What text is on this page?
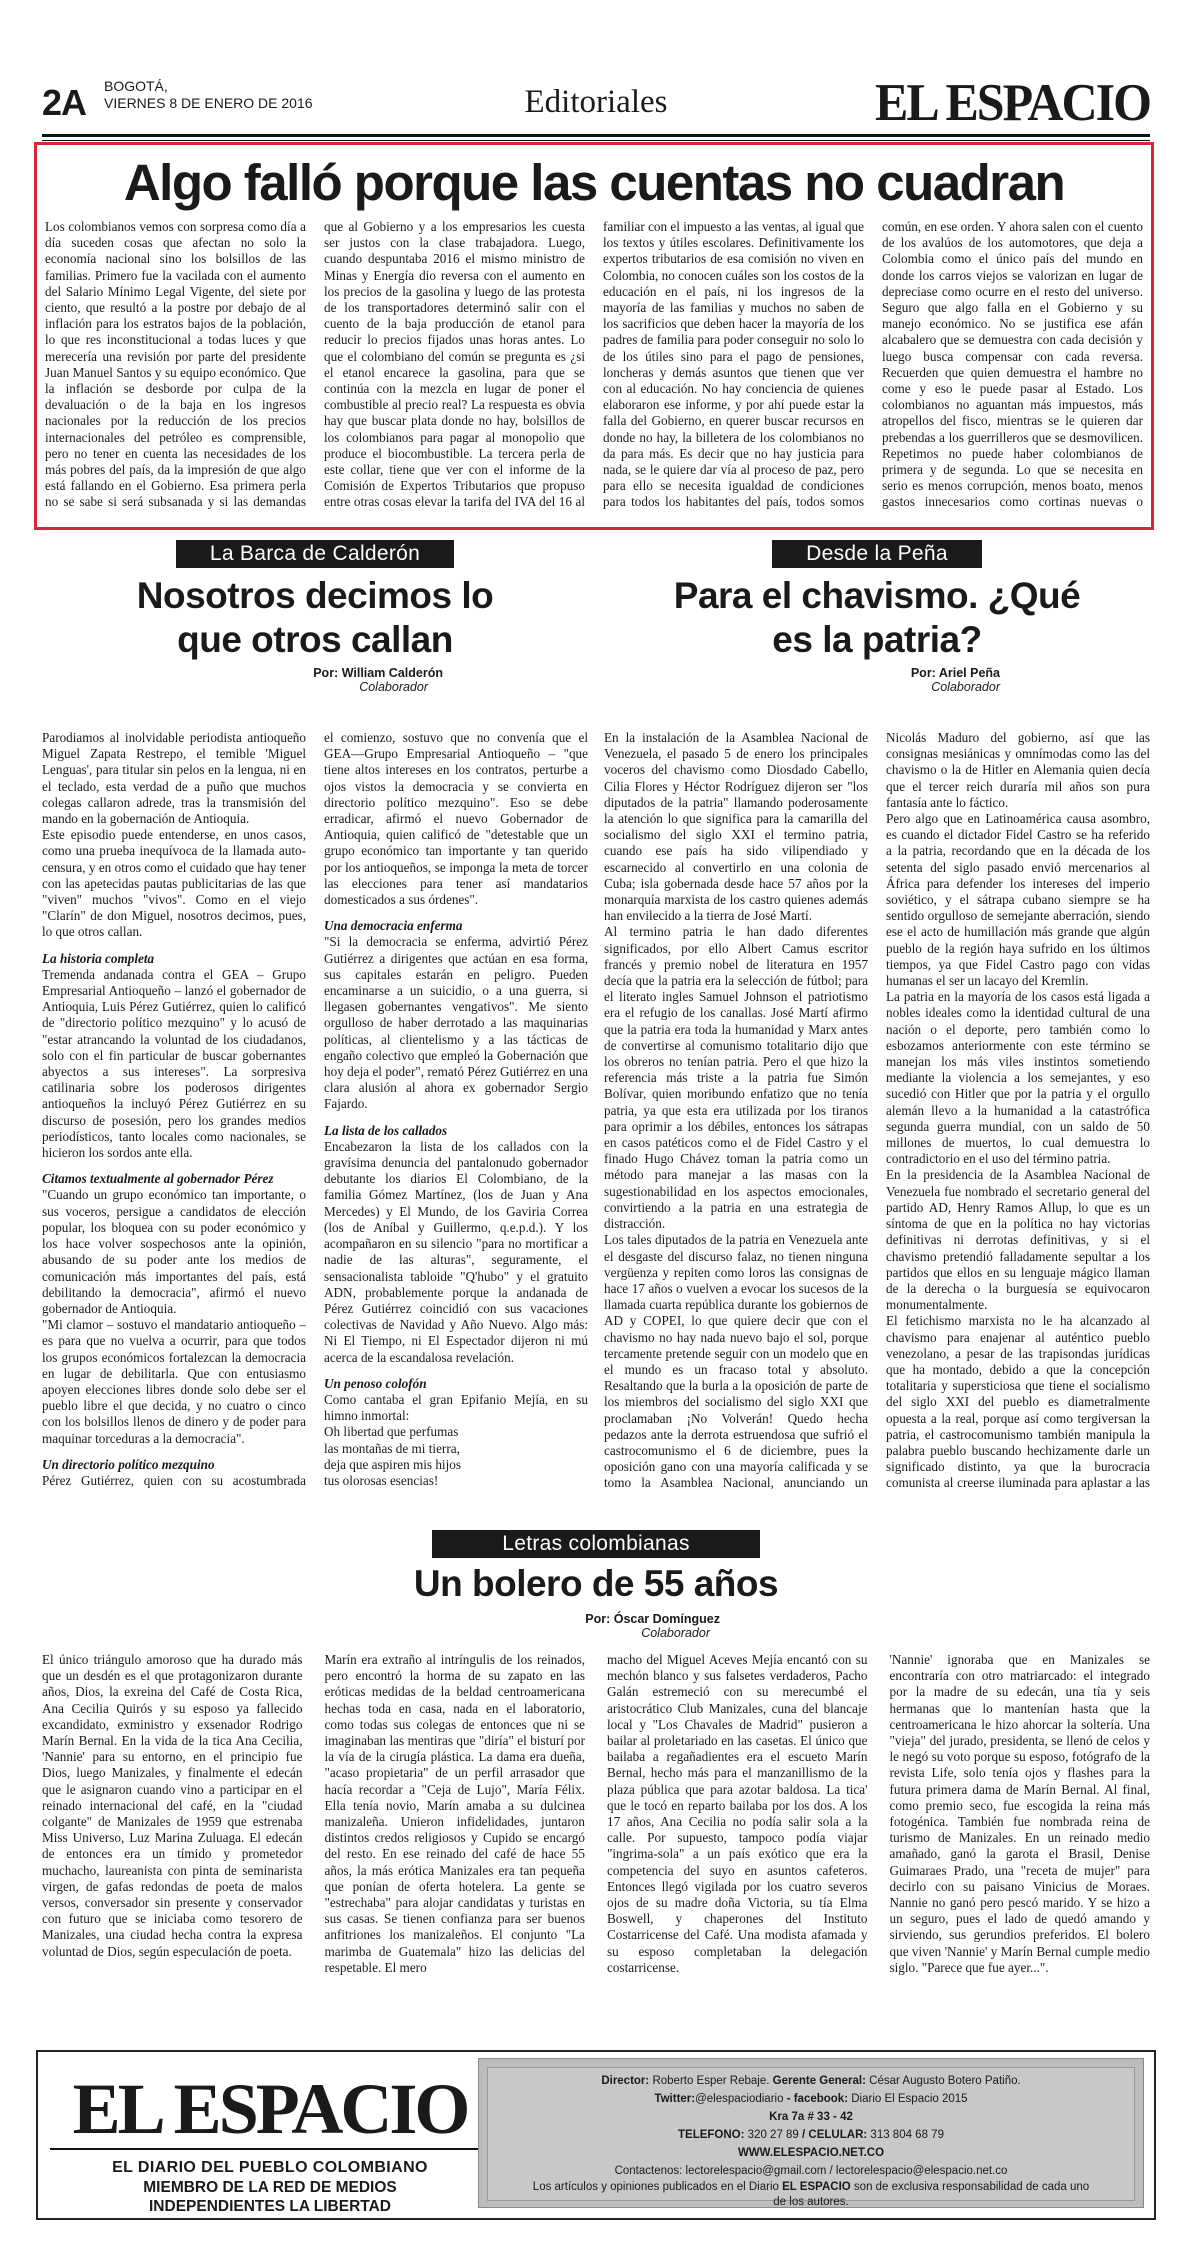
2A BOGOTÁ,
VIERNES 8 DE ENERO DE 2016	Editoriales	EL ESPACIO
Algo falló porque las cuentas no cuadran
Los colombianos vemos con sorpresa como día a día suceden cosas que afectan no solo la economía nacional sino los bolsillos de las familias. Primero fue la vacilada con el aumento del Salario Mínimo Legal Vigente, del siete por ciento, que resultó a la postre por debajo de al inflación para los estratos bajos de la población, lo que res inconstitucional a todas luces y que merecería una revisión por parte del presidente Juan Manuel Santos y su equipo económico. Que la inflación se desborde por culpa de la devaluación o de la baja en los ingresos nacionales por la reducción de los precios internacionales del petróleo es comprensible, pero no tener en cuenta las necesidades de los más pobres del país, da la impresión de que algo está fallando en el Gobierno. Esa primera perla no se sabe si será subsanada y si las demandas
que al Gobierno y a los empresarios les cuesta ser justos con la clase trabajadora. Luego, cuando despuntaba 2016 el mismo ministro de Minas y Energía dio reversa con el aumento en los precios de la gasolina y luego de las protesta de los transportadores determinó salir con el cuento de la baja producción de etanol para reducir lo precios fijados unas horas antes. Lo que el colombiano del común se pregunta es ¿si el etanol encarece la gasolina, para que se continúa con la mezcla en lugar de poner el combustible al precio real? La respuesta es obvia hay que buscar plata donde no hay, bolsillos de los colombianos para pagar al monopolio que produce el biocombustible. La tercera perla de este collar, tiene que ver con el informe de la Comisión de Expertos Tributarios que propuso entre otras cosas elevar la tarifa del IVA del 16 al
familiar con el impuesto a las ventas, al igual que los textos y útiles escolares. Definitivamente los expertos tributarios de esa comisión no viven en Colombia, no conocen cuáles son los costos de la educación en el país, ni los ingresos de la mayoría de las familias y muchos no saben de los sacrificios que deben hacer la mayoría de los padres de familia para poder conseguir no solo lo de los útiles sino para el pago de pensiones, loncheras y demás asuntos que tienen que ver con al educación. No hay conciencia de quienes elaboraron ese informe, y por ahí puede estar la falla del Gobierno, en querer buscar recursos en donde no hay, la billetera de los colombianos no da para más. Es decir que no hay justicia para nada, se le quiere dar vía al proceso de paz, pero para ello se necesita igualdad de condiciones para todos los habitantes del país, todos somos
común, en ese orden. Y ahora salen con el cuento de los avalúos de los automotores, que deja a Colombia como el único país del mundo en donde los carros viejos se valorizan en lugar de depreciase como ocurre en el resto del universo. Seguro que algo falla en el Gobierno y su manejo económico. No se justifica ese afán alcabalero que se demuestra con cada decisión y luego busca compensar con cada reversa. Recuerden que quien demuestra el hambre no come y eso le puede pasar al Estado. Los colombianos no aguantan más impuestos, más atropellos del fisco, mientras se le quieren dar prebendas a los guerrilleros que se desmovilicen. Repetimos no puede haber colombianos de primera y de segunda. Lo que se necesita en serio es menos corrupción, menos boato, menos gastos innecesarios como cortinas nuevas o
La Barca de Calderón
Nosotros decimos lo que otros callan
Por: William Calderón
Colaborador

Parodiamos al inolvidable periodista antioqueño Miguel Zapata Restrepo, el temible 'Miguel Lenguas', para titular sin pelos en la lengua, ni en el teclado, esta verdad de a puño que muchos colegas callaron adrede, tras la transmisión del mando en la gobernación de Antioquia.

Este episodio puede entenderse, en unos casos, como una prueba inequívoca de la llamada auto-censura, y en otros como el cuidado que hay tener con las apetecidas pautas publicitarias de las que "viven" muchos "vivos". Como en el viejo "Clarín" de don Miguel, nosotros decimos, pues, lo que otros callan.

La historia completa

Tremenda andanada contra el GEA – Grupo Empresarial Antioqueño – lanzó el gobernador de Antioquia, Luis Pérez Gutiérrez, quien lo calificó de "directorio político mezquino" y lo acusó de "estar atrancando la voluntad de los ciudadanos, solo con el fin particular de buscar gobernantes abyectos a sus intereses". La sorpresiva catilinaria sobre los poderosos dirigentes antioqueños la incluyó Pérez Gutiérrez en su discurso de posesión, pero los grandes medios periodísticos, tanto locales como nacionales, se hicieron los sordos ante ella.

Citamos textualmente al gobernador Pérez

"Cuando un grupo económico tan importante, o sus voceros, persigue a candidatos de elección popular, los bloquea con su poder económico y los hace volver sospechosos ante la opinión, abusando de su poder ante los medios de comunicación más importantes del país, está debilitando la democracia", afirmó el nuevo gobernador de Antioquia.

"Mi clamor – sostuvo el mandatario antioqueño – es para que no vuelva a ocurrir, para que todos los grupos económicos fortalezcan la democracia en lugar de debilitarla. Que con entusiasmo apoyen elecciones libres donde solo debe ser el pueblo libre el que decida, y no cuatro o cinco con los bolsillos llenos de dinero y de poder para maquinar torceduras a la democracia".

Un directorio político mezquino

Pérez Gutiérrez, quien con su acostumbrada

el comienzo, sostuvo que no convenía que el GEA—Grupo Empresarial Antioqueño – "que tiene altos intereses en los contratos, perturbe a ojos vistos la democracia y se convierta en directorio político mezquino". Eso se debe erradicar, afirmó el nuevo Gobernador de Antioquia, quien calificó de "detestable que un grupo económico tan importante y tan querido por los antioqueños, se imponga la meta de torcer las elecciones para tener así mandatarios domesticados a sus órdenes".

Una democracia enferma

"Si la democracia se enferma, advirtió Pérez Gutiérrez a dirigentes que actúan en esa forma, sus capitales estarán en peligro. Pueden encaminarse a un suicidio, o a una guerra, si llegasen gobernantes vengativos". Me siento orgulloso de haber derrotado a las maquinarias políticas, al clientelismo y a las tácticas de engaño colectivo que empleó la Gobernación que hoy deja el poder", remató Pérez Gutiérrez en una clara alusión al ahora ex gobernador Sergio Fajardo.

La lista de los callados

Encabezaron la lista de los callados con la gravísima denuncia del pantalonudo gobernador debutante los diarios El Colombiano, de la familia Gómez Martínez, (los de Juan y Ana Mercedes) y El Mundo, de los Gaviria Correa (los de Aníbal y Guillermo, q.e.p.d.). Y los acompañaron en su silencio "para no mortificar a nadie de las alturas", seguramente, el sensacionalista tabloide "Q'hubo" y el gratuito ADN, probablemente porque la andanada de Pérez Gutiérrez coincidió con sus vacaciones colectivas de Navidad y Año Nuevo. Algo más: Ni El Tiempo, ni El Espectador dijeron ni mú acerca de la escandalosa revelación.

Un penoso colofón

Como cantaba el gran Epifanio Mejía, en su himno inmortal:

Oh libertad que perfumas

las montañas de mi tierra,

deja que aspiren mis hijos

tus olorosas esencias!

Desde la Peña
Para el chavismo. ¿Qué es la patria?
Por: Ariel Peña
Colaborador

En la instalación de la Asamblea Nacional de Venezuela, el pasado 5 de enero los principales voceros del chavismo como Diosdado Cabello, Cilia Flores y Héctor Rodríguez dijeron ser "los diputados de la patria" llamando poderosamente la atención lo que significa para la camarilla del socialismo del siglo XXI el termino patria, cuando ese país ha sido vilipendiado y escarnecido al convertirlo en una colonia de Cuba; isla gobernada desde hace 57 años por la monarquía marxista de los castro quienes además han envilecido a la tierra de José Martí.

Al termino patria le han dado diferentes significados, por ello Albert Camus escritor francés y premio nobel de literatura en 1957 decía que la patria era la selección de fútbol; para el literato ingles Samuel Johnson el patriotismo era el refugio de los canallas. José Martí afirmo que la patria era toda la humanidad y Marx antes de convertirse al comunismo totalitario dijo que los obreros no tenían patria. Pero el que hizo la referencia más triste a la patria fue Simón Bolívar, quien moribundo enfatizo que no tenía patria, ya que esta era utilizada por los tiranos para oprimir a los débiles, entonces los sátrapas en casos patéticos como el de Fidel Castro y el finado Hugo Chávez toman la patria como un método para manejar a las masas con la sugestionabilidad en los aspectos emocionales, convirtiendo a la patria en una estrategia de distracción.

Los tales diputados de la patria en Venezuela ante el desgaste del discurso falaz, no tienen ninguna vergüenza y repiten como loros las consignas de hace 17 años o vuelven a evocar los sucesos de la llamada cuarta república durante los gobiernos de AD y COPEI, lo que quiere decir que con el chavismo no hay nada nuevo bajo el sol, porque tercamente pretende seguir con un modelo que en el mundo es un fracaso total y absoluto. Resaltando que la burla a la oposición de parte de los miembros del socialismo del siglo XXI que proclamaban ¡No Volverán! Quedo hecha pedazos ante la derrota estruendosa que sufrió el castrocomunismo el 6 de diciembre, pues la oposición gano con una mayoría calificada y se tomo la Asamblea Nacional, anunciando un

Nicolás Maduro del gobierno, así que las consignas mesiánicas y omnímodas como las del chavismo o la de Hitler en Alemania quien decía que el tercer reich duraría mil años son pura fantasía ante lo fáctico.

Pero algo que en Latinoamérica causa asombro, es cuando el dictador Fidel Castro se ha referido a la patria, recordando que en la década de los setenta del siglo pasado envió mercenarios al África para defender los intereses del imperio soviético, y el sátrapa cubano siempre se ha sentido orgulloso de semejante aberración, siendo ese el acto de humillación más grande que algún pueblo de la región haya sufrido en los últimos tiempos, ya que Fidel Castro pago con vidas humanas el ser un lacayo del Kremlin.

La patria en la mayoría de los casos está ligada a nobles ideales como la identidad cultural de una nación o el deporte, pero también como lo esbozamos anteriormente con este término se manejan los más viles instintos sometiendo mediante la violencia a los semejantes, y eso sucedió con Hitler que por la patria y el orgullo alemán llevo a la humanidad a la catastrófica segunda guerra mundial, con un saldo de 50 millones de muertos, lo cual demuestra lo contradictorio en el uso del término patria.

En la presidencia de la Asamblea Nacional de Venezuela fue nombrado el secretario general del partido AD, Henry Ramos Allup, lo que es un síntoma de que en la política no hay victorias definitivas ni derrotas definitivas, y si el chavismo pretendió falladamente sepultar a los partidos que ellos en su lenguaje mágico llaman de la derecha o la burguesía se equivocaron monumentalmente.

El fetichismo marxista no le ha alcanzado al chavismo para enajenar al auténtico pueblo venezolano, a pesar de las trapisondas jurídicas que ha montado, debido a que la concepción totalitaria y supersticiosa que tiene el socialismo del siglo XXI del pueblo es diametralmente opuesta a la real, porque así como tergiversan la patria, el castrocomunismo también manipula la palabra pueblo buscando hechizamente darle un significado distinto, ya que la burocracia comunista al creerse iluminada para aplastar a las

Letras colombianas
Un bolero de 55 años
Por: Óscar Domínguez
Colaborador
El único triángulo amoroso que ha durado más que un desdén es el que protagonizaron durante años, Dios, la exreina del Café de Costa Rica, Ana Cecilia Quirós y su esposo ya fallecido excandidato, exministro y exsenador Rodrigo Marín Bernal. En la vida de la tica Ana Cecilia, 'Nannie' para su entorno, en el principio fue Dios, luego Manizales, y finalmente el edecán que le asignaron cuando vino a participar en el reinado internacional del café, en la "ciudad colgante" de Manizales de 1959 que estrenaba Miss Universo, Luz Marina Zuluaga. El edecán de entonces era un tímido y prometedor muchacho, laureanista con pinta de seminarista virgen, de gafas redondas de poeta de malos versos, conversador sin presente y conservador con futuro que se iniciaba como tesorero de Manizales, una ciudad hecha contra la expresa voluntad de Dios, según especulación de poeta.
Marín era extraño al intríngulis de los reinados, pero encontró la horma de su zapato en las eróticas medidas de la beldad centroamericana hechas toda en casa, nada en el laboratorio, como todas sus colegas de entonces que ni se imaginaban las mentiras que "diría" el bisturí por la vía de la cirugía plástica. La dama era dueña, "acaso propietaria" de un perfil arrasador que hacía recordar a "Ceja de Lujo", María Félix. Ella tenía novio, Marín amaba a su dulcinea manizaleña. Unieron infidelidades, juntaron distintos credos religiosos y Cupido se encargó del resto. En ese reinado del café de hace 55 años, la más erótica Manizales era tan pequeña que ponían de oferta hotelera. La gente se "estrechaba" para alojar candidatas y turistas en sus casas. Se tienen confianza para ser buenos anfitriones los manizaleños. El conjunto "La marimba de Guatemala" hizo las delicias del respetable. El mero
macho del Miguel Aceves Mejía encantó con su mechón blanco y sus falsetes verdaderos, Pacho Galán estremeció con su merecumbé el aristocrático Club Manizales, cuna del blancaje local y "Los Chavales de Madrid" pusieron a bailar al proletariado en las casetas. El único que bailaba a regañadientes era el escueto Marín Bernal, hecho más para el manzanillismo de la plaza pública que para azotar baldosa. La tica' que le tocó en reparto bailaba por los dos. A los 17 años, Ana Cecilia no podía salir sola a la calle. Por supuesto, tampoco podía viajar "ingrima-sola" a un país exótico que era la competencia del suyo en asuntos cafeteros. Entonces llegó vigilada por los cuatro severos ojos de su madre doña Victoria, su tía Elma Boswell, y chaperones del Instituto Costarricense del Café. Una modista afamada y su esposo completaban la delegación costarricense.
'Nannie' ignoraba que en Manizales se encontraría con otro matriarcado: el integrado por la madre de su edecán, una tía y seis hermanas que lo mantenían hasta que la centroamericana le hizo ahorcar la soltería. Una "vieja" del jurado, presidenta, se llenó de celos y le negó su voto porque su esposo, fotógrafo de la revista Life, solo tenía ojos y flashes para la futura primera dama de Marín Bernal. Al final, como premio seco, fue escogida la reina más fotogénica. También fue nombrada reina de turismo de Manizales. En un reinado medio amañado, ganó la garota el Brasil, Denise Guimaraes Prado, una "receta de mujer" para decirlo con su paisano Vinicius de Moraes. Nannie no ganó pero pescó marido. Y se hizo a un seguro, pues el lado de quedó amando y sirviendo, sus gerundios preferidos. El bolero que viven 'Nannie' y Marín Bernal cumple medio siglo. "Parece que fue ayer...".
EL ESPACIO
EL DIARIO DEL PUEBLO COLOMBIANO
MIEMBRO DE LA RED DE MEDIOS
INDEPENDIENTES LA LIBERTAD
Director: Roberto Esper Rebaje. Gerente General: César Augusto Botero Patiño.
Twitter:@elespaciodiario - facebook: Diario El Espacio 2015
Kra 7a # 33 - 42
TELEFONO: 320 27 89 / CELULAR: 313 804 68 79
WWW.ELESPACIO.NET.CO
Contactenos: lectorelespacio@gmail.com / lectorelespacio@elespacio.net.co
Los artículos y opiniones publicados en el Diario EL ESPACIO son de exclusiva responsabilidad de cada uno de los autores.
